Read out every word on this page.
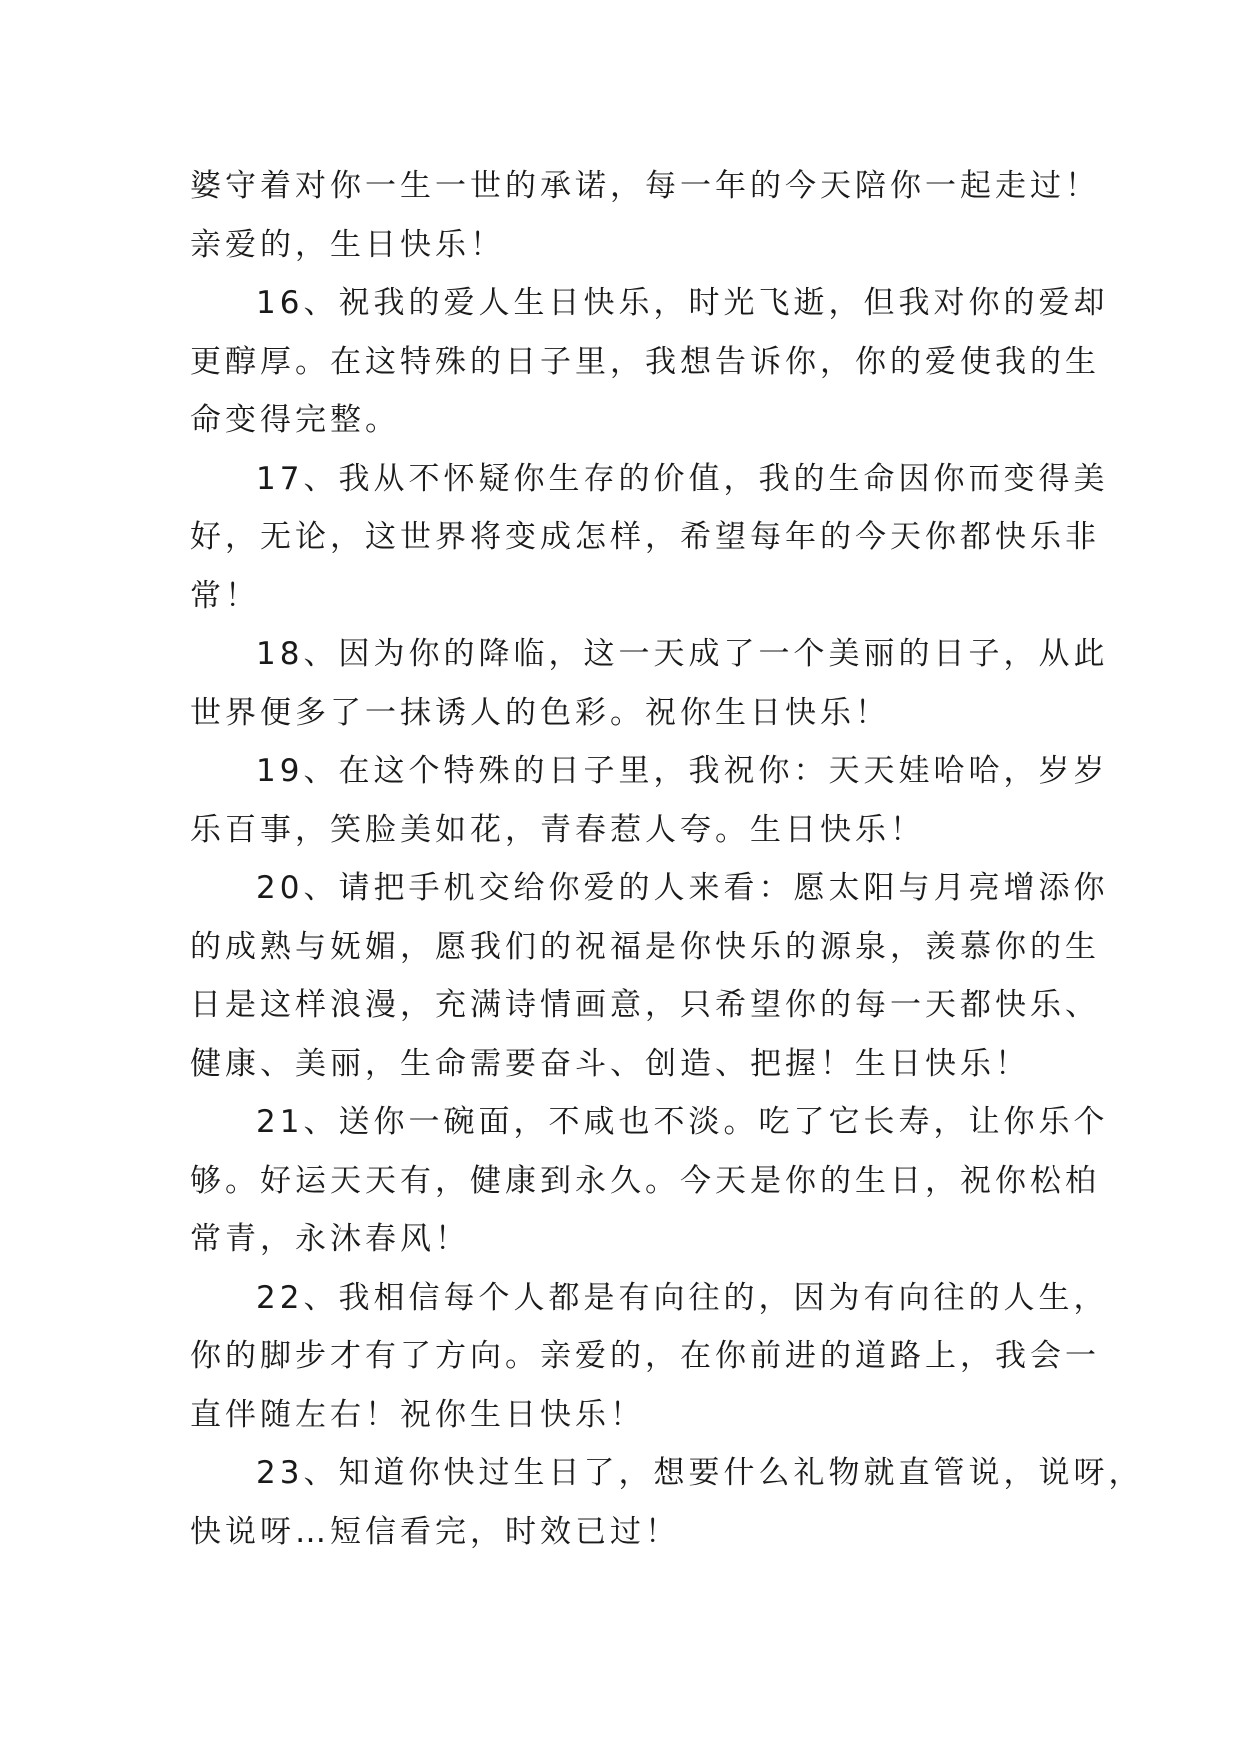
婆守着对你一生一世的承诺，每一年的今天陪你一起走过！
亲爱的，生日快乐！
16、祝我的爱人生日快乐，时光飞逝，但我对你的爱却
更醇厚。在这特殊的日子里，我想告诉你，你的爱使我的生
命变得完整。
17、我从不怀疑你生存的价值，我的生命因你而变得美
好，无论，这世界将变成怎样，希望每年的今天你都快乐非
常！
18、因为你的降临，这一天成了一个美丽的日子，从此
世界便多了一抹诱人的色彩。祝你生日快乐！
19、在这个特殊的日子里，我祝你：天天娃哈哈，岁岁
乐百事，笑脸美如花，青春惹人夸。生日快乐！
20、请把手机交给你爱的人来看：愿太阳与月亮增添你
的成熟与妩媚，愿我们的祝福是你快乐的源泉，羡慕你的生
日是这样浪漫，充满诗情画意，只希望你的每一天都快乐、
健康、美丽，生命需要奋斗、创造、把握！生日快乐！
21、送你一碗面，不咸也不淡。吃了它长寿，让你乐个
够。好运天天有，健康到永久。今天是你的生日，祝你松柏
常青，永沐春风！
22、我相信每个人都是有向往的，因为有向往的人生，
你的脚步才有了方向。亲爱的，在你前进的道路上，我会一
直伴随左右！祝你生日快乐！
23、知道你快过生日了，想要什么礼物就直管说，说呀，
快说呀…短信看完，时效已过！
